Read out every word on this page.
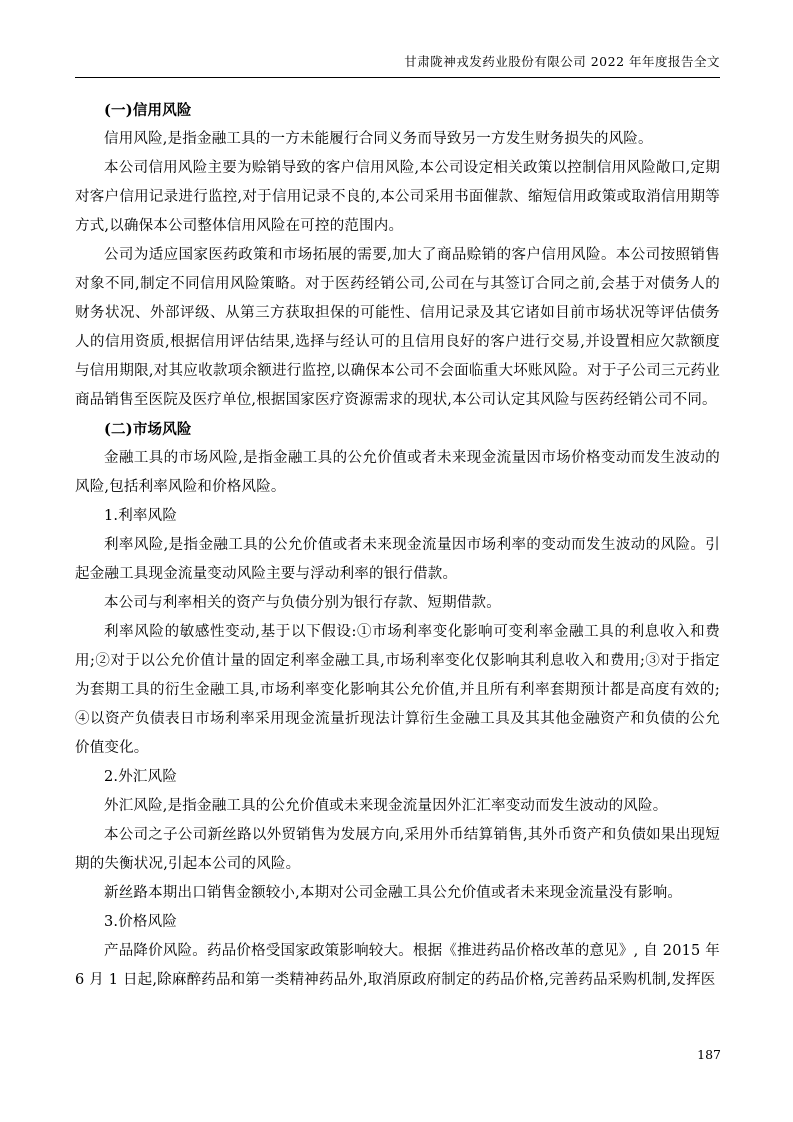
甘肃陇神戎发药业股份有限公司 2022 年年度报告全文

(一)信用风险

信用风险,是指金融工具的一方未能履行合同义务而导致另一方发生财务损失的风险。

本公司信用风险主要为赊销导致的客户信用风险,本公司设定相关政策以控制信用风险敞口,定期对客户信用记录进行监控,对于信用记录不良的,本公司采用书面催款、缩短信用政策或取消信用期等方式,以确保本公司整体信用风险在可控的范围内。

公司为适应国家医药政策和市场拓展的需要,加大了商品赊销的客户信用风险。本公司按照销售对象不同,制定不同信用风险策略。对于医药经销公司,公司在与其签订合同之前,会基于对债务人的财务状况、外部评级、从第三方获取担保的可能性、信用记录及其它诸如目前市场状况等评估债务人的信用资质,根据信用评估结果,选择与经认可的且信用良好的客户进行交易,并设置相应欠款额度与信用期限,对其应收款项余额进行监控,以确保本公司不会面临重大坏账风险。对于子公司三元药业商品销售至医院及医疗单位,根据国家医疗资源需求的现状,本公司认定其风险与医药经销公司不同。

(二)市场风险

金融工具的市场风险,是指金融工具的公允价值或者未来现金流量因市场价格变动而发生波动的风险,包括利率风险和价格风险。

1.利率风险

利率风险,是指金融工具的公允价值或者未来现金流量因市场利率的变动而发生波动的风险。引起金融工具现金流量变动风险主要与浮动利率的银行借款。

本公司与利率相关的资产与负债分别为银行存款、短期借款。

利率风险的敏感性变动,基于以下假设:①市场利率变化影响可变利率金融工具的利息收入和费用;②对于以公允价值计量的固定利率金融工具,市场利率变化仅影响其利息收入和费用;③对于指定为套期工具的衍生金融工具,市场利率变化影响其公允价值,并且所有利率套期预计都是高度有效的;④以资产负债表日市场利率采用现金流量折现法计算衍生金融工具及其其他金融资产和负债的公允价值变化。

2.外汇风险

外汇风险,是指金融工具的公允价值或未来现金流量因外汇汇率变动而发生波动的风险。

本公司之子公司新丝路以外贸销售为发展方向,采用外币结算销售,其外币资产和负债如果出现短期的失衡状况,引起本公司的风险。

新丝路本期出口销售金额较小,本期对公司金融工具公允价值或者未来现金流量没有影响。

3.价格风险

产品降价风险。药品价格受国家政策影响较大。根据《推进药品价格改革的意见》, 自 2015 年 6 月 1 日起,除麻醉药品和第一类精神药品外,取消原政府制定的药品价格,完善药品采购机制,发挥医

187
